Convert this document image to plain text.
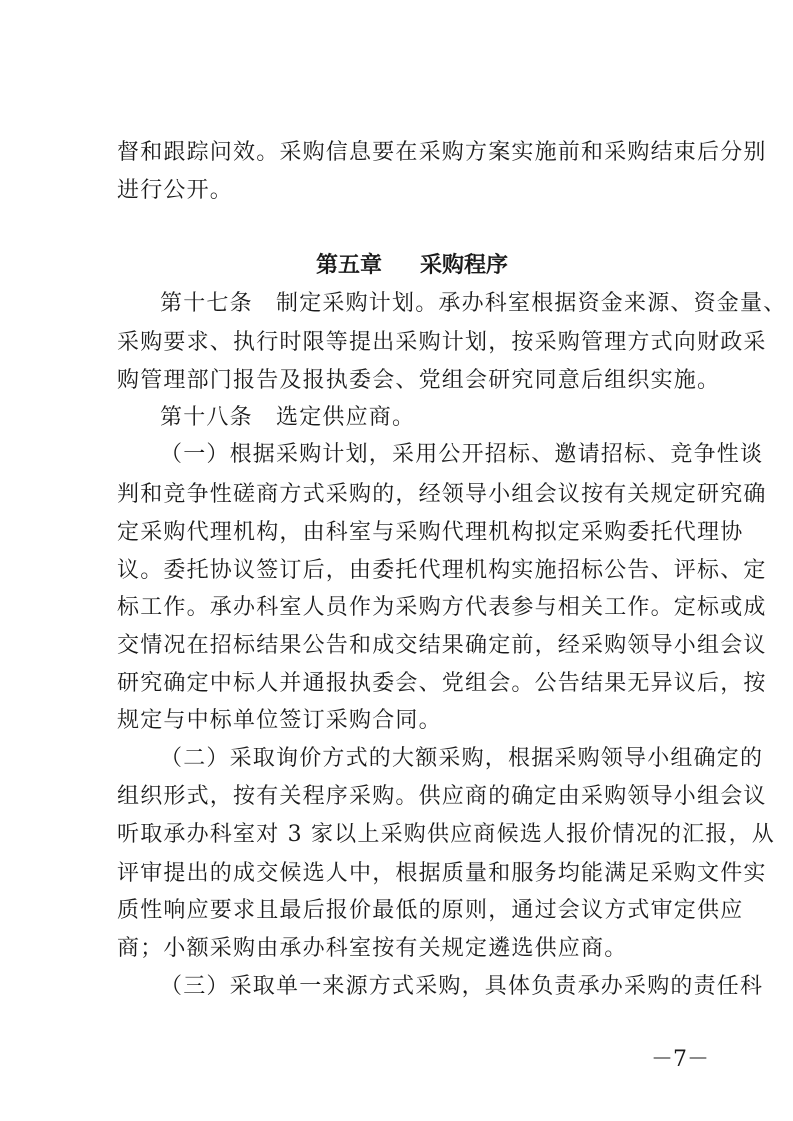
督和跟踪问效。采购信息要在采购方案实施前和采购结束后分别
进行公开。
第五章 采购程序
第十七条　制定采购计划。承办科室根据资金来源、资金量、
采购要求、执行时限等提出采购计划，按采购管理方式向财政采
购管理部门报告及报执委会、党组会研究同意后组织实施。
第十八条　选定供应商。
（一）根据采购计划，采用公开招标、邀请招标、竞争性谈
判和竞争性磋商方式采购的，经领导小组会议按有关规定研究确
定采购代理机构，由科室与采购代理机构拟定采购委托代理协
议。委托协议签订后，由委托代理机构实施招标公告、评标、定
标工作。承办科室人员作为采购方代表参与相关工作。定标或成
交情况在招标结果公告和成交结果确定前，经采购领导小组会议
研究确定中标人并通报执委会、党组会。公告结果无异议后，按
规定与中标单位签订采购合同。
（二）采取询价方式的大额采购，根据采购领导小组确定的
组织形式，按有关程序采购。供应商的确定由采购领导小组会议
听取承办科室对 3 家以上采购供应商候选人报价情况的汇报，从
评审提出的成交候选人中，根据质量和服务均能满足采购文件实
质性响应要求且最后报价最低的原则，通过会议方式审定供应
商；小额采购由承办科室按有关规定遴选供应商。
（三）采取单一来源方式采购，具体负责承办采购的责任科
－7－
